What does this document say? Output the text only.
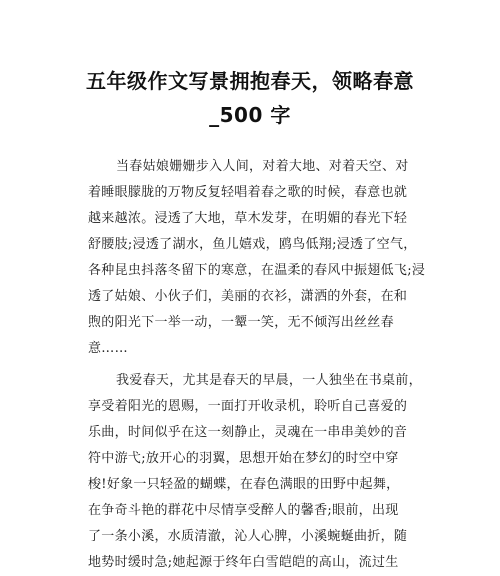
五年级作文写景拥抱春天，领略春意
_500 字
当春姑娘姗姗步入人间，对着大地、对着天空、对
着睡眼朦胧的万物反复轻唱着春之歌的时候，春意也就
越来越浓。浸透了大地，草木发芽，在明媚的春光下轻
舒腰肢;浸透了湖水，鱼儿嬉戏，鸥鸟低翔;浸透了空气，
各种昆虫抖落冬留下的寒意，在温柔的春风中振翅低飞;浸
透了姑娘、小伙子们，美丽的衣衫，潇洒的外套，在和
煦的阳光下一举一动，一颦一笑，无不倾泻出丝丝春
意……
我爱春天，尤其是春天的早晨，一人独坐在书桌前，
享受着阳光的恩赐，一面打开收录机，聆听自己喜爱的
乐曲，时间似乎在这一刻静止，灵魂在一串串美妙的音
符中游弋;放开心的羽翼，思想开始在梦幻的时空中穿
梭!好象一只轻盈的蝴蝶，在春色满眼的田野中起舞，
在争奇斗艳的群花中尽情享受醉人的馨香;眼前，出现
了一条小溪，水质清澈，沁人心脾，小溪蜿蜒曲折，随
地势时缓时急;她起源于终年白雪皑皑的高山，流过生
